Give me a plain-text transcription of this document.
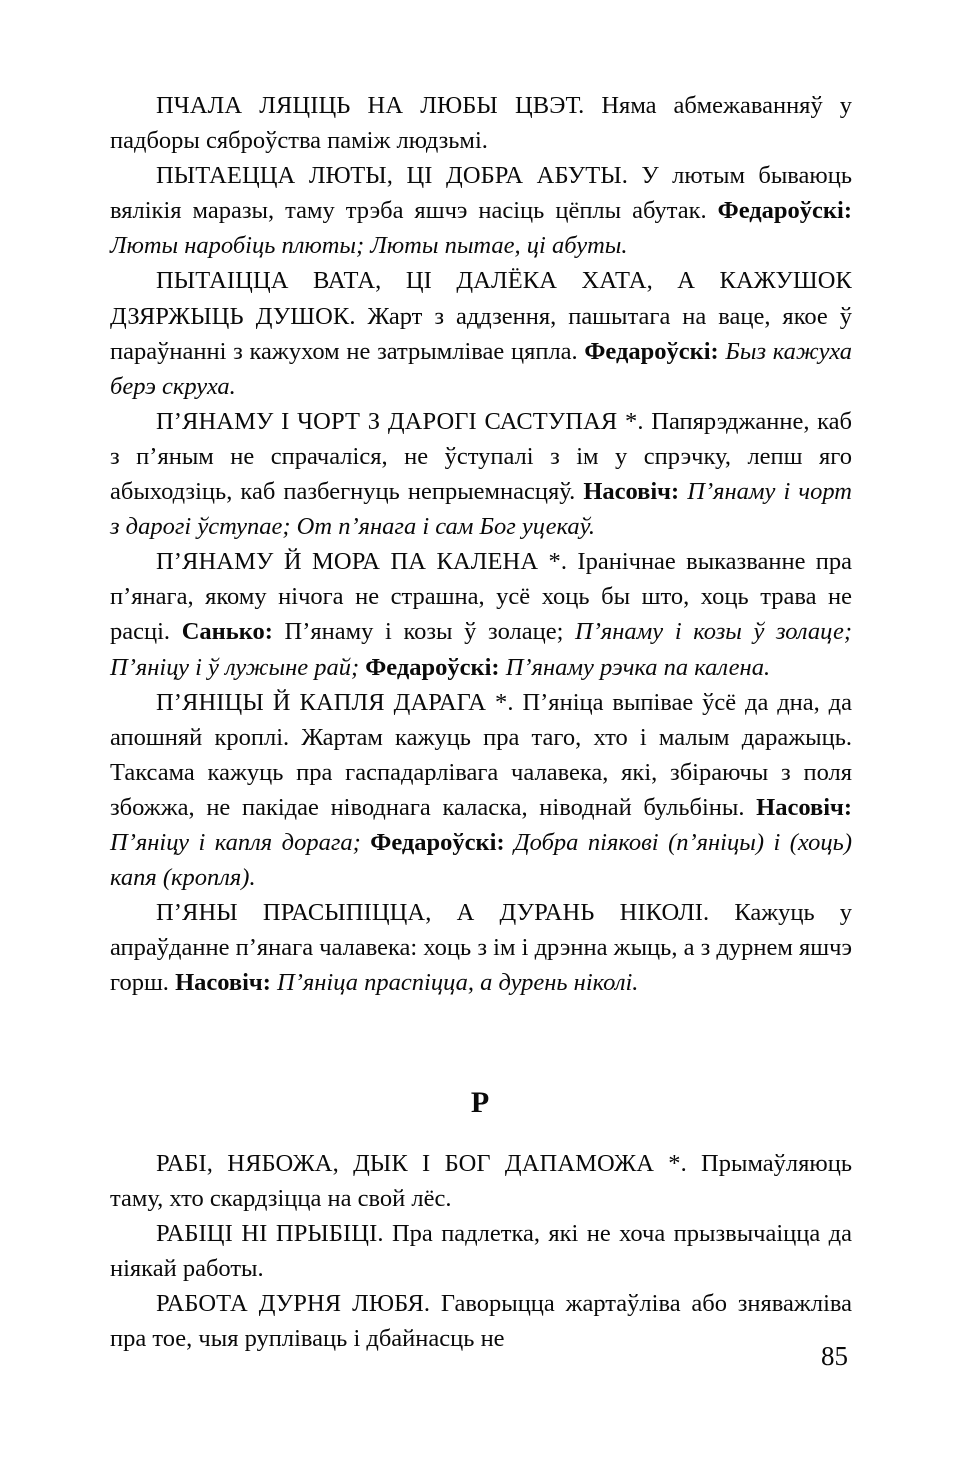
ПЧАЛА ЛЯЦІЦЬ НА ЛЮБЫ ЦВЭТ. Няма абмежаванняў у падборы сяброўства паміж людзьмі.

ПЫТАЕЦЦА ЛЮТЫ, ЦІ ДОБРА АБУТЫ. У лютым бываюць вялікія маразы, таму трэба яшчэ насіць цёплы абутак. Федароўскі: Люты наробіць плюты; Люты пытае, ці абуты.

ПЫТАІЦЦА ВАТА, ЦІ ДАЛЁКА ХАТА, А КАЖУШОК ДЗЯРЖЫЦЬ ДУШОК. Жарт з аддзення, пашытага на ваце, якое ў параўнанні з кажухом не затрымлівае цяпла. Федароўскі: Быз кажуха берэ скруха.

П’ЯНАМУ І ЧОРТ З ДАРОГІ САСТУПАЯ *. Папярэджанне, каб з п’яным не спрачаліся, не ўступалі з ім у спрэчку, лепш яго абыходзіць, каб пазбегнуць непрыемнасцяў. Насовіч: П’янаму і чорт з дарогі ўступае; От п’янага і сам Бог уцекаў.

П’ЯНАМУ Й МОРА ПА КАЛЕНА *. Іранічнае выказванне пра п’янага, якому нічога не страшна, усё хоць бы што, хоць трава не расці. Санько: П’янаму і козы ў золаце; П’янаму і козы ў золаце; П’яніцу і ў лужыне рай; Федароўскі: П’янаму рэчка па калена.

П’ЯНІЦЫ Й КАПЛЯ ДАРАГА *. П’яніца выпівае ўсё да дна, да апошняй кроплі. Жартам кажуць пра таго, хто і малым даражыць. Таксама кажуць пра гаспадарлівага чалавека, які, збіраючы з поля збожжа, не пакідае ніводнага каласка, ніводнай бульбіны. Насовіч: П’яніцу і капля дорага; Федароўскі: Добра піякові (п’яніцы) і (хоць) капя (кропля).

П’ЯНЫ ПРАСЫПІЦЦА, А ДУРАНЬ НІКОЛІ. Кажуць у апраўданне п’янага чалавека: хоць з ім і дрэнна жыць, а з дурнем яшчэ горш. Насовіч: П’яніца праспіцца, а дурень ніколі.

Р

РАБІ, НЯБОЖА, ДЫК І БОГ ДАПАМОЖА *. Прымаўляюць таму, хто скардзіцца на свой лёс.

РАБІЦІ НІ ПРЫБІЦІ. Пра падлетка, які не хоча прызвычаіцца да ніякай работы.

РАБОТА ДУРНЯ ЛЮБЯ. Гаворыцца жартаўліва або зняважліва пра тое, чыя рупліваць і дбайнасць не

85
